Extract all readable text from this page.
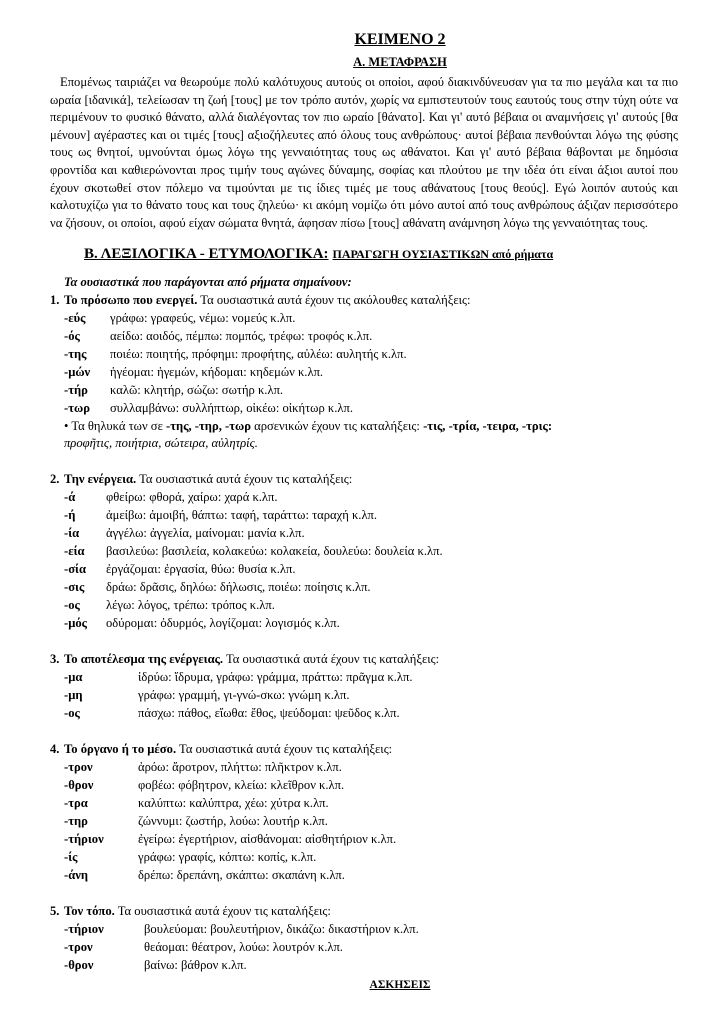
ΚΕΙΜΕΝΟ 2
Α. ΜΕΤΑΦΡΑΣΗ

Επομένως ταιριάζει να θεωρούμε πολύ καλότυχους αυτούς οι οποίοι, αφού διακινδύνευσαν για τα πιο μεγάλα και τα πιο ωραία [ιδανικά], τελείωσαν τη ζωή [τους] με τον τρόπο αυτόν, χωρίς να εμπιστευτούν τους εαυτούς τους στην τύχη ούτε να περιμένουν το φυσικό θάνατο, αλλά διαλέγοντας τον πιο ωραίο [θάνατο]. Και γι' αυτό βέβαια οι αναμνήσεις γι' αυτούς [θα μένουν] αγέραστες και οι τιμές [τους] αξιοζήλευτες από όλους τους ανθρώπους· αυτοί βέβαια πενθούνται λόγω της φύσης τους ως θνητοί, υμνούνται όμως λόγω της γενναιότητας τους ως αθάνατοι. Και γι' αυτό βέβαια θάβονται με δημόσια φροντίδα και καθιερώνονται προς τιμήν τους αγώνες δύναμης, σοφίας και πλούτου με την ιδέα ότι είναι άξιοι αυτοί που έχουν σκοτωθεί στον πόλεμο να τιμούνται με τις ίδιες τιμές με τους αθάνατους [τους θεούς]. Εγώ λοιπόν αυτούς και καλοτυχίζω για το θάνατο τους και τους ζηλεύω· κι ακόμη νομίζω ότι μόνο αυτοί από τους ανθρώπους άξιζαν περισσότερο να ζήσουν, οι οποίοι, αφού είχαν σώματα θνητά, άφησαν πίσω [τους] αθάνατη ανάμνηση λόγω της γενναιότητας τους.

Β. ΛΕΞΙΛΟΓΙΚΑ - ΕΤΥΜΟΛΟΓΙΚΑ: ΠΑΡΑΓΩΓΗ ΟΥΣΙΑΣΤΙΚΩΝ από ρήματα

Τα ουσιαστικά που παράγονται από ρήματα σημαίνουν:

1. Το πρόσωπο που ενεργεί. Τα ουσιαστικά αυτά έχουν τις ακόλουθες καταλήξεις:

-εύς γράφω: γραφεύς, νέμω: νομεύς κ.λπ.
-ός αείδω: αοιδός, πέμπω: πομπός, τρέφω: τροφός κ.λπ.
-της ποιέω: ποιητής, πρόφημι: προφήτης, αὐλέω: αυλητής κ.λπ.
-μών ἡγέομαι: ἡγεμών, κήδομαι: κηδεμών κ.λπ.
-τήρ καλῶ: κλητήρ, σώζω: σωτήρ κ.λπ.
-τωρ συλλαμβάνω: συλλήπτωρ, οἰκέω: οἰκήτωρ κ.λπ.

• Τα θηλυκά των σε -της, -τηρ, -τωρ αρσενικών έχουν τις καταλήξεις: -τις, -τρία, -τειρα, -τρις:

προφῆτις, ποιήτρια, σώτειρα, αὐλητρίς.

2. Την ενέργεια. Τα ουσιαστικά αυτά έχουν τις καταλήξεις:

-ά φθείρω: φθορά, χαίρω: χαρά κ.λπ.
-ή ἀμείβω: ἀμοιβή, θάπτω: ταφή, ταράττω: ταραχή κ.λπ.
-ία ἀγγέλω: ἀγγελία, μαίνομαι: μανία κ.λπ.
-εία βασιλεύω: βασιλεία, κολακεύω: κολακεία, δουλεύω: δουλεία κ.λπ.
-σία ἐργάζομαι: ἐργασία, θύω: θυσία κ.λπ.
-σις δράω: δρᾶσις, δηλόω: δήλωσις, ποιέω: ποίησις κ.λπ.
-ος λέγω: λόγος, τρέπω: τρόπος κ.λπ.
-μός οδύρομαι: ὀδυρμός, λογίζομαι: λογισμός κ.λπ.

3. Το αποτέλεσμα της ενέργειας. Τα ουσιαστικά αυτά έχουν τις καταλήξεις:

-μα	ἱδρύω: ἵδρυμα, γράφω: γράμμα, πράττω: πρᾶγμα κ.λπ.
-μη	γράφω: γραμμή, γι-γνώ-σκω: γνώμη κ.λπ.
-ος	πάσχω: πάθος, εἴωθα: ἔθος, ψεύδομαι: ψεῦδος κ.λπ.

4. Το όργανο ή το μέσο. Τα ουσιαστικά αυτά έχουν τις καταλήξεις:

-τρον	ἀρόω: ἄροτρον, πλήττω: πλῆκτρον κ.λπ.
-θρον	φοβέω: φόβητρον, κλείω: κλεῖθρον κ.λπ.
-τρα	καλύπτω: καλύπτρα, χέω: χύτρα κ.λπ.
-τηρ	ζώννυμι: ζωστήρ, λούω: λουτήρ κ.λπ.
-τήριον	ἐγείρω: ἐγερτήριον, αἰσθάνομαι: αἰσθητήριον κ.λπ.
-ίς	γράφω: γραφίς, κόπτω: κοπίς, κ.λπ.
-άνη	δρέπω: δρεπάνη, σκάπτω: σκαπάνη κ.λπ.

5. Τον τόπο. Τα ουσιαστικά αυτά έχουν τις καταλήξεις:

-τήριον	βουλεύομαι: βουλευτήριον, δικάζω: δικαστήριον κ.λπ.
-τρον	θεάομαι: θέατρον, λούω: λουτρόν κ.λπ.
-θρον	βαίνω: βάθρον κ.λπ.
ΑΣΚΗΣΕΙΣ
